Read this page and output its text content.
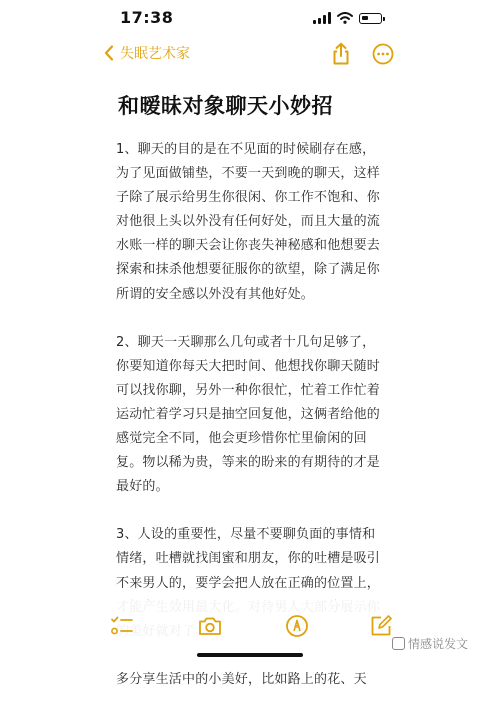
17:38
失眠艺术家
和暧昧对象聊天小妙招

1、聊天的目的是在不见面的时候刷存在感，为了见面做铺垫，不要一天到晚的聊天，这样子除了展示给男生你很闲、你工作不饱和、你对他很上头以外没有任何好处，而且大量的流水账一样的聊天会让你丧失神秘感和他想要去探索和抹杀他想要征服你的欲望，除了满足你所谓的安全感以外没有其他好处。

2、聊天一天聊那么几句或者十几句足够了，你要知道你每天大把时间、他想找你聊天随时可以找你聊，另外一种你很忙，忙着工作忙着运动忙着学习只是抽空回复他，这俩者给他的感觉完全不同，他会更珍惜你忙里偷闲的回复。物以稀为贵，等来的盼来的有期待的才是最好的。

3、人设的重要性，尽量不要聊负面的事情和情绪，吐槽就找闺蜜和朋友，你的吐槽是吸引不来男人的，要学会把人放在正确的位置上，

多分享生活中的小美好，比如路上的花、天

情感说发文
